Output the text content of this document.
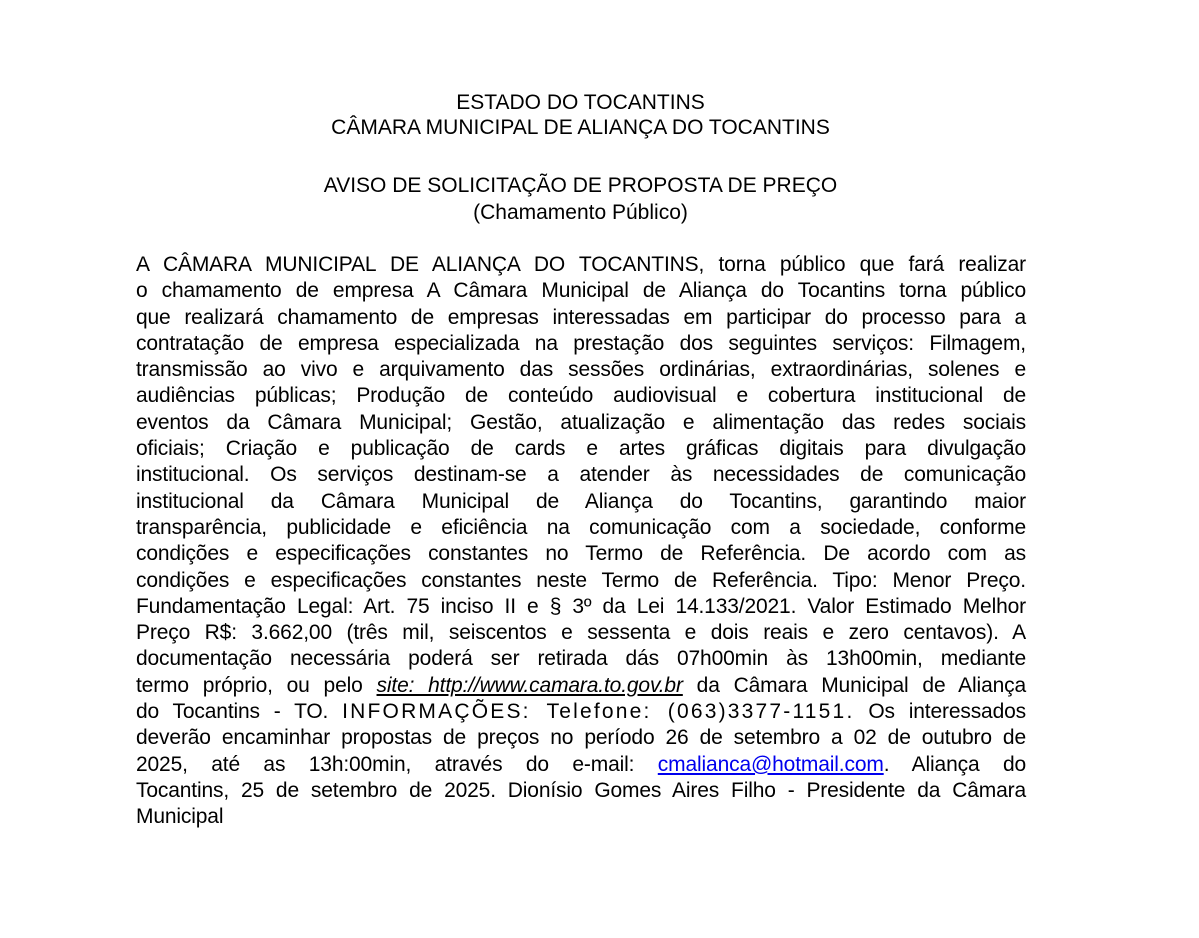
ESTADO DO TOCANTINS
CÂMARA MUNICIPAL DE ALIANÇA DO TOCANTINS
AVISO DE SOLICITAÇÃO DE PROPOSTA DE PREÇO
(Chamamento Público)
A CÂMARA MUNICIPAL DE ALIANÇA DO TOCANTINS, torna público que fará realizar
o chamamento de empresa A Câmara Municipal de Aliança do Tocantins torna público
que realizará chamamento de empresas interessadas em participar do processo para a
contratação de empresa especializada na prestação dos seguintes serviços: Filmagem,
transmissão ao vivo e arquivamento das sessões ordinárias, extraordinárias, solenes e
audiências públicas; Produção de conteúdo audiovisual e cobertura institucional de
eventos da Câmara Municipal; Gestão, atualização e alimentação das redes sociais
oficiais; Criação e publicação de cards e artes gráficas digitais para divulgação
institucional. Os serviços destinam-se a atender às necessidades de comunicação
institucional da Câmara Municipal de Aliança do Tocantins, garantindo maior
transparência, publicidade e eficiência na comunicação com a sociedade, conforme
condições e especificações constantes no Termo de Referência. De acordo com as
condições e especificações constantes neste Termo de Referência. Tipo: Menor Preço.
Fundamentação Legal: Art. 75 inciso II e § 3º da Lei 14.133/2021. Valor Estimado Melhor
Preço R$: 3.662,00 (três mil, seiscentos e sessenta e dois reais e zero centavos). A
documentação necessária poderá ser retirada dás 07h00min às 13h00min, mediante
termo próprio, ou pelo site: http://www.camara.to.gov.br da Câmara Municipal de Aliança
do Tocantins - TO. INFORMAÇÕES: Telefone: (063)3377-1151. Os interessados
deverão encaminhar propostas de preços no período 26 de setembro a 02 de outubro de
2025, até as 13h:00min, através do e-mail: cmalianca@hotmail.com. Aliança do
Tocantins, 25 de setembro de 2025. Dionísio Gomes Aires Filho - Presidente da Câmara
Municipal
